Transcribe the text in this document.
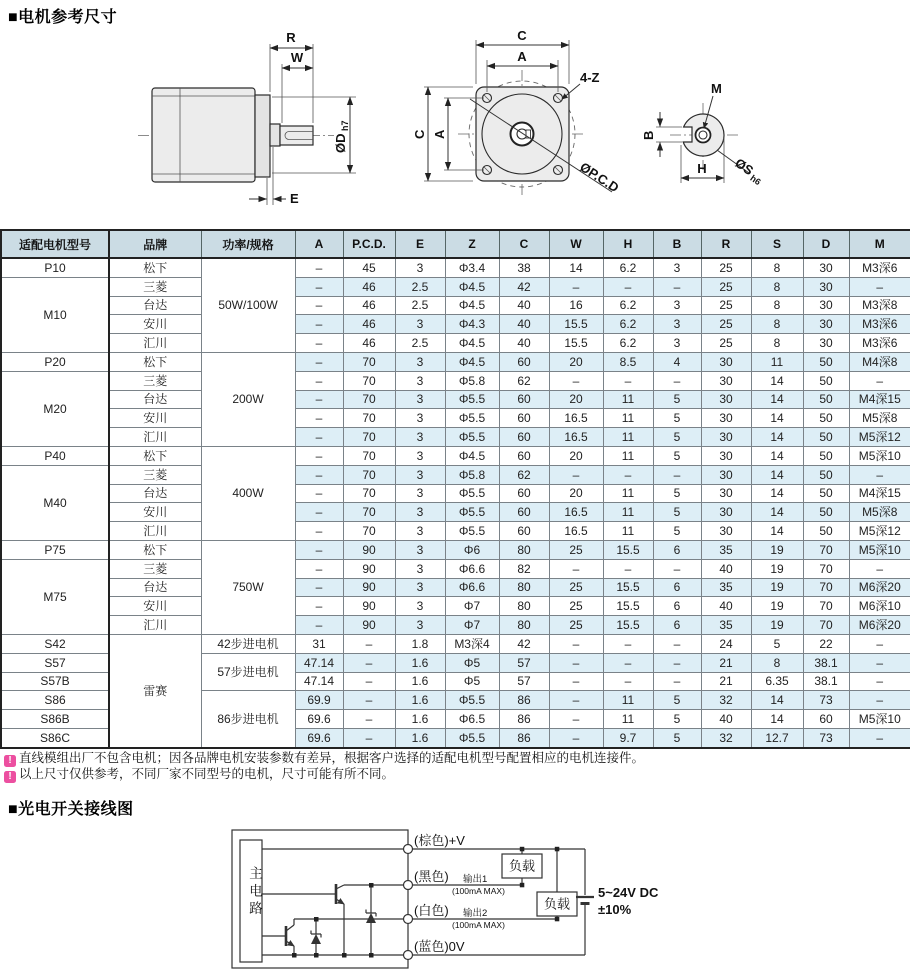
■电机参考尺寸
R
W
ØD
h7
E
C
A
C A
4-Z
ØP.C.D
M
B
H ØS
h6
适配电机型号	品牌	功率/规格	A	P.C.D.	E	Z	C	W	H	B	R	S	D	M
P10	松下	50W/100W	–	45	3	Φ3.4	38	14	6.2	3	25	8	30	M3深6
M10	三菱		–	46	2.5	Φ4.5	42	–	–	–	25	8	30	–
	台达		–	46	2.5	Φ4.5	40	16	6.2	3	25	8	30	M3深8
	安川		–	46	3	Φ4.3	40	15.5	6.2	3	25	8	30	M3深6
	汇川		–	46	2.5	Φ4.5	40	15.5	6.2	3	25	8	30	M3深6
P20	松下	200W	–	70	3	Φ4.5	60	20	8.5	4	30	11	50	M4深8
M20	三菱		–	70	3	Φ5.8	62	–	–	–	30	14	50	–
	台达		–	70	3	Φ5.5	60	20	11	5	30	14	50	M4深15
	安川		–	70	3	Φ5.5	60	16.5	11	5	30	14	50	M5深8
	汇川		–	70	3	Φ5.5	60	16.5	11	5	30	14	50	M5深12
P40	松下	400W	–	70	3	Φ4.5	60	20	11	5	30	14	50	M5深10
M40	三菱		–	70	3	Φ5.8	62	–	–	–	30	14	50	–
	台达		–	70	3	Φ5.5	60	20	11	5	30	14	50	M4深15
	安川		–	70	3	Φ5.5	60	16.5	11	5	30	14	50	M5深8
	汇川		–	70	3	Φ5.5	60	16.5	11	5	30	14	50	M5深12
P75	松下	750W	–	90	3	Φ6	80	25	15.5	6	35	19	70	M5深10
M75	三菱		–	90	3	Φ6.6	82	–	–	–	40	19	70	–
	台达		–	90	3	Φ6.6	80	25	15.5	6	35	19	70	M6深20
	安川		–	90	3	Φ7	80	25	15.5	6	40	19	70	M6深10
	汇川		–	90	3	Φ7	80	25	15.5	6	35	19	70	M6深20
S42	雷赛	42步进电机	31	–	1.8	M3深4	42	–	–	–	24	5	22	–
S57		57步进电机	47.14	–	1.6	Φ5	57	–	–	–	21	8	38.1	–
S57B			47.14	–	1.6	Φ5	57	–	–	–	21	6.35	38.1	–
S86		86步进电机	69.9	–	1.6	Φ5.5	86	–	11	5	32	14	73	–
S86B			69.6	–	1.6	Φ6.5	86	–	11	5	40	14	60	M5深10
S86C			69.6	–	1.6	Φ5.5	86	–	9.7	5	32	12.7	73	–
! 直线模组出厂不包含电机；因各品牌电机安装参数有差异，根据客户选择的适配电机型号配置相应的电机连接件。
! 以上尺寸仅供参考，不同厂家不同型号的电机，尺寸可能有所不同。
■光电开关接线图
负载
负载
5~24V DC
±10%
(棕色)+V
(黑色) 输出1
(100mA MAX)
(白色) 输出2
(100mA MAX)
(蓝色)0V
主电路
